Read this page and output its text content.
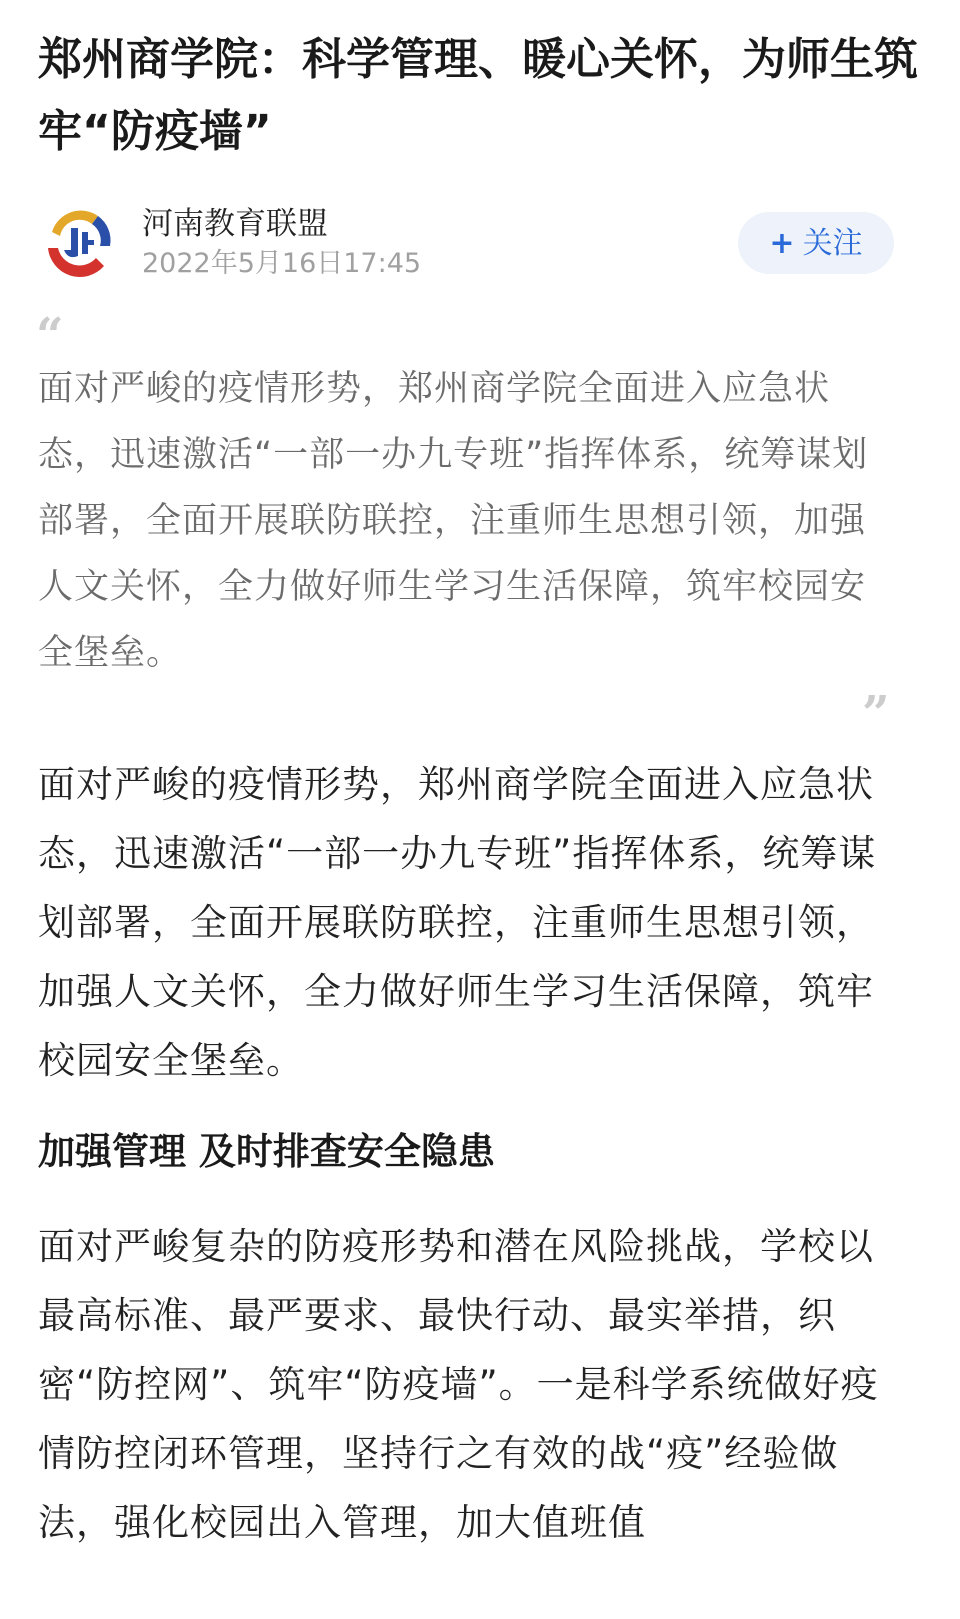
郑州商学院：科学管理、暖心关怀，为师生筑牢“防疫墙”
河南教育联盟
2022年5月16日17:45
+ 关注
“

面对严峻的疫情形势，郑州商学院全面进入应急状态，迅速激活“一部一办九专班”指挥体系，统筹谋划部署，全面开展联防联控，注重师生思想引领，加强人文关怀，全力做好师生学习生活保障，筑牢校园安全堡垒。

”

面对严峻的疫情形势，郑州商学院全面进入应急状态，迅速激活“一部一办九专班”指挥体系，统筹谋划部署，全面开展联防联控，注重师生思想引领，加强人文关怀，全力做好师生学习生活保障，筑牢校园安全堡垒。

加强管理 及时排查安全隐患

面对严峻复杂的防疫形势和潜在风险挑战，学校以最高标准、最严要求、最快行动、最实举措，织密“防控网”、筑牢“防疫墙”。一是科学系统做好疫情防控闭环管理，坚持行之有效的战“疫”经验做法，强化校园出入管理，加大值班值
